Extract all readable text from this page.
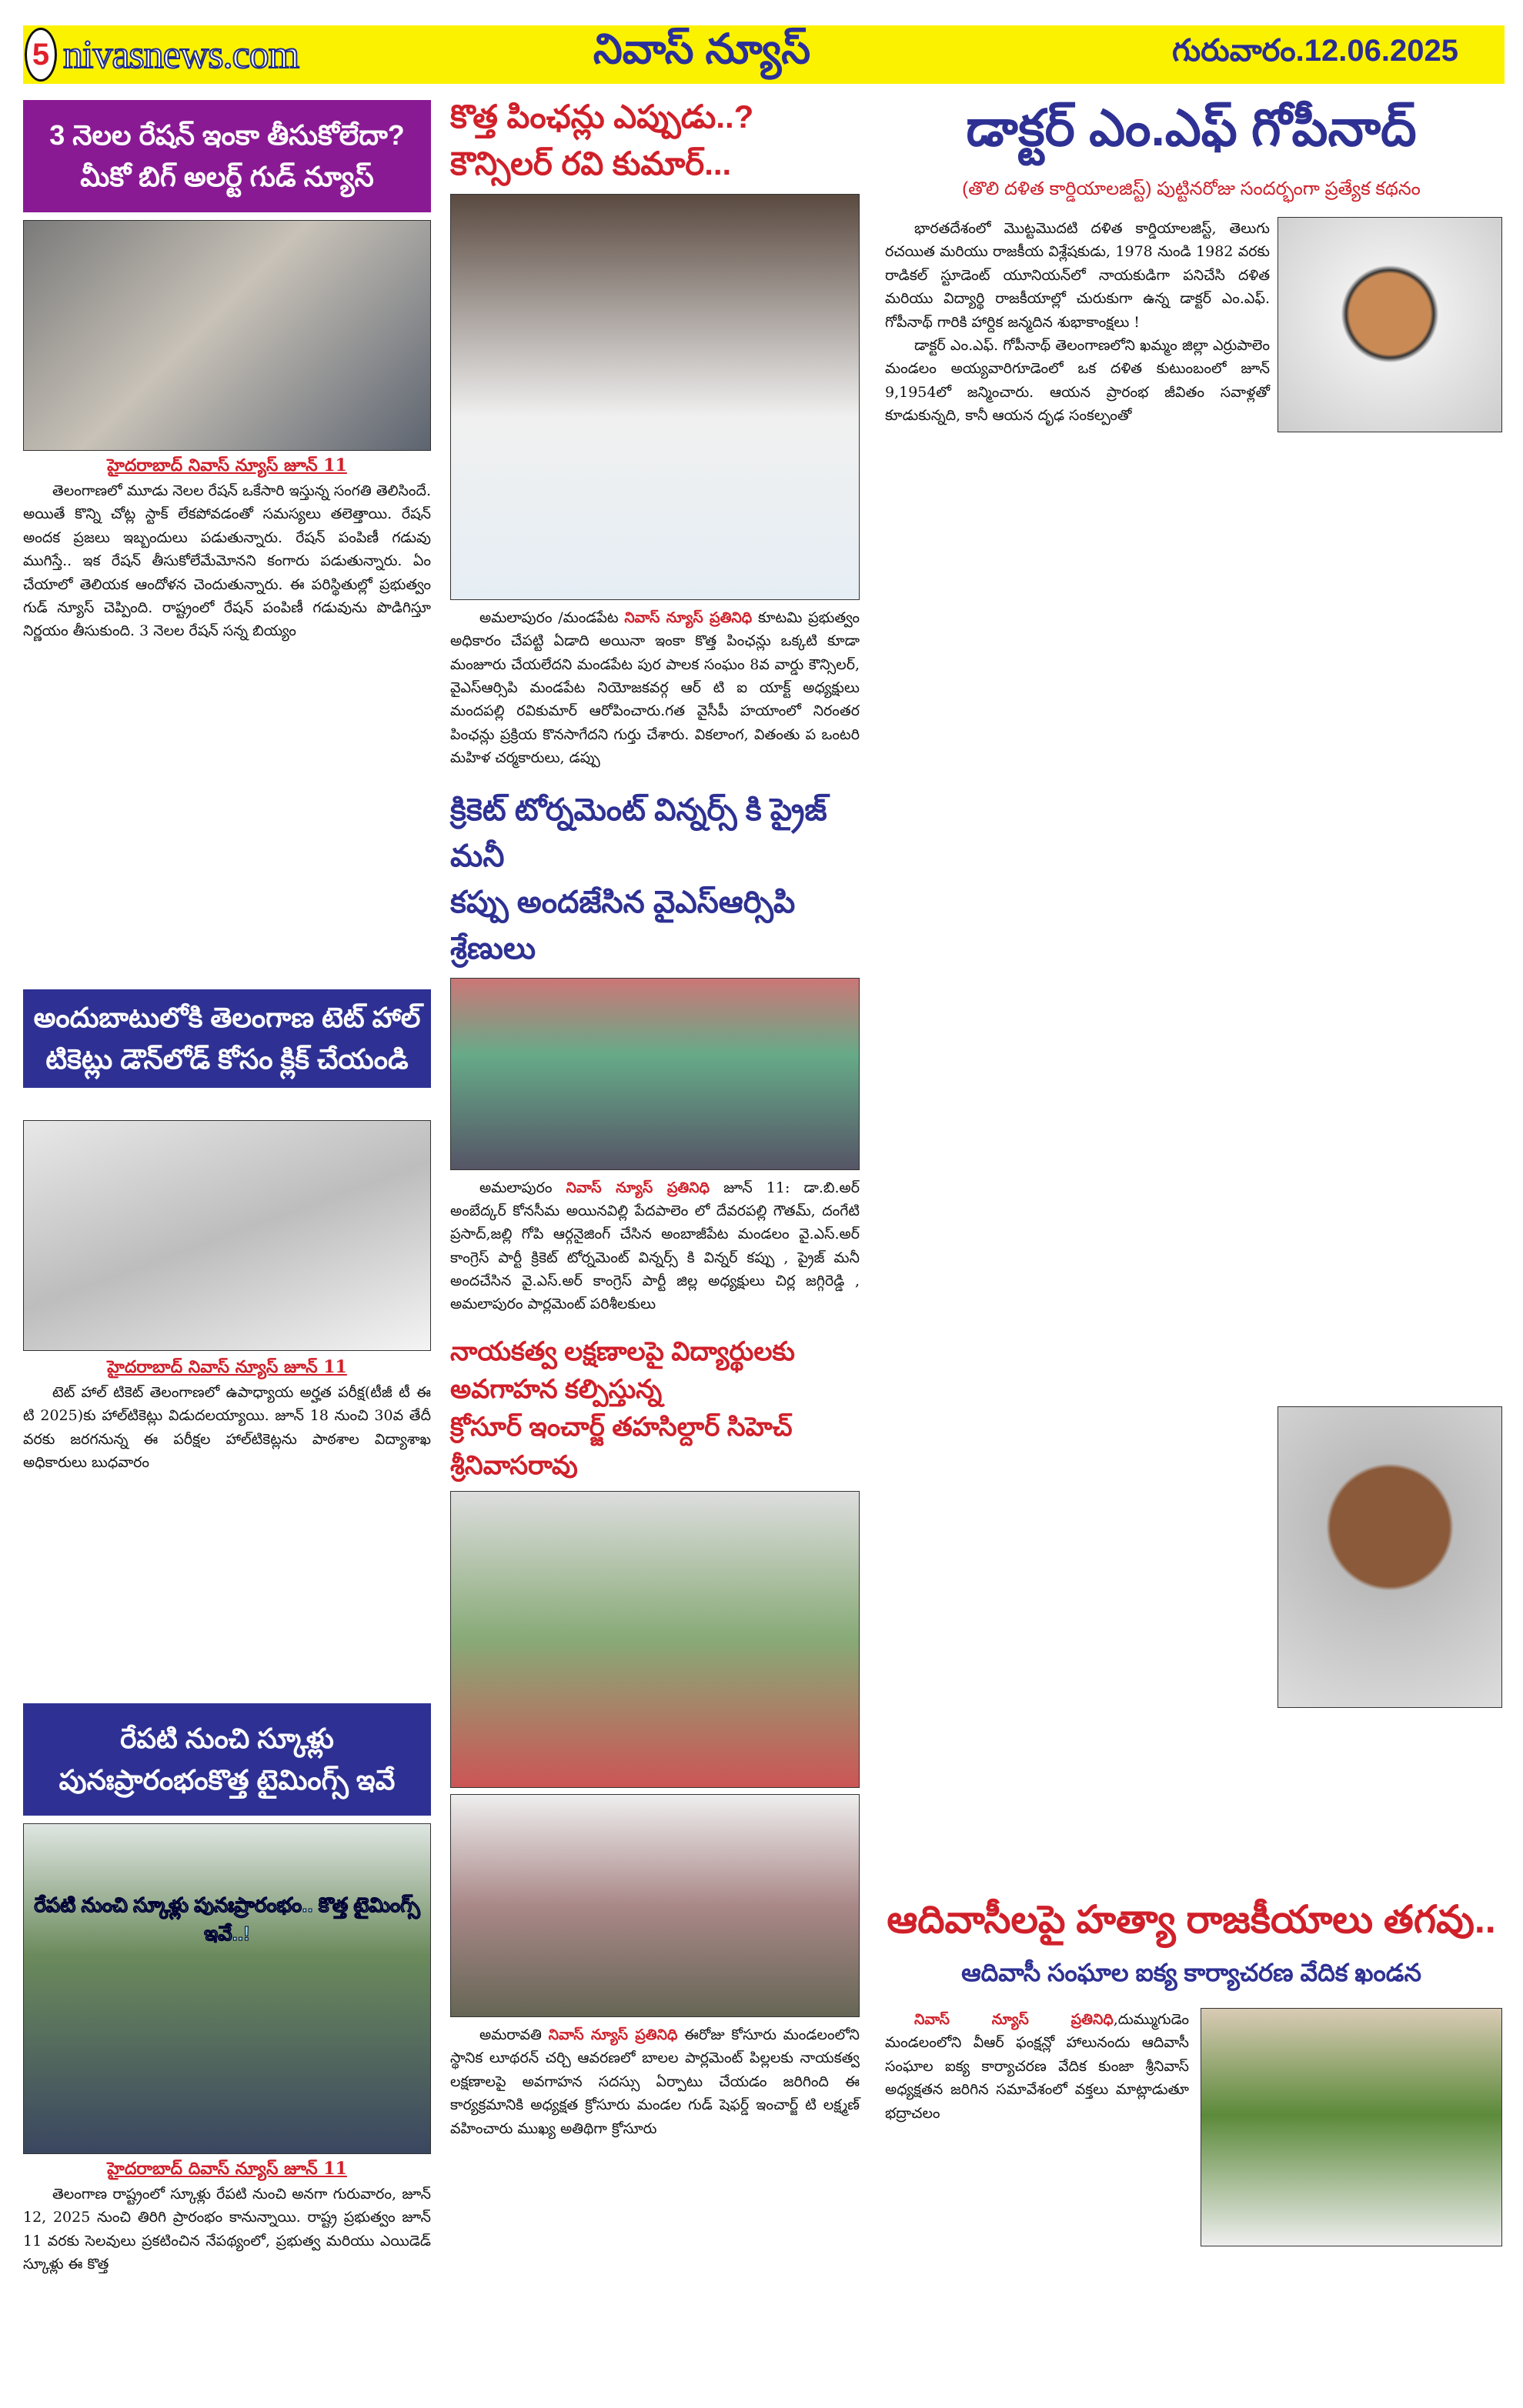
5 nivasnews.com	నివాస్ న్యూస్	గురువారం.12.06.2025
3 నెలల రేషన్ ఇంకా తీసుకోలేదా?
మీకో బిగ్ అలర్ట్ గుడ్ న్యూస్
హైదరాబాద్ నివాస్ న్యూస్ జూన్ 11

తెలంగాణలో మూడు నెలల రేషన్ ఒకేసారి ఇస్తున్న సంగతి తెలిసిందే. అయితే కొన్ని చోట్ల స్టాక్ లేకపోవడంతో సమస్యలు తలెత్తాయి. రేషన్ అందక ప్రజలు ఇబ్బందులు పడుతున్నారు. రేషన్ పంపిణీ గడువు ముగిస్తే.. ఇక రేషన్ తీసుకోలేమేమోనని కంగారు పడుతున్నారు. ఏం చేయాలో తెలియక ఆందోళన చెందుతున్నారు. ఈ పరిస్థితుల్లో ప్రభుత్వం గుడ్ న్యూస్ చెప్పింది. రాష్ట్రంలో రేషన్ పంపిణీ గడువును పొడిగిస్తూ నిర్ణయం తీసుకుంది. 3 నెలల రేషన్ సన్న బియ్యం

అందుబాటులోకి తెలంగాణ టెట్ హాల్
టికెట్లు డౌన్‌లోడ్ కోసం క్లిక్ చేయండి
హైదరాబాద్ నివాస్ న్యూస్ జూన్ 11

టెట్ హాల్ టికెట్ తెలంగాణలో ఉపాధ్యాయ అర్హత పరీక్ష(టీజీ టీ ఈ టి 2025)కు హాల్‌టికెట్లు విడుదలయ్యాయి. జూన్ 18 నుంచి 30వ తేదీ వరకు జరగనున్న ఈ పరీక్షల హాల్‌టికెట్లను పాఠశాల విద్యాశాఖ అధికారులు బుధవారం

రేపటి నుంచి స్కూళ్లు
పునఃప్రారంభంకొత్త టైమింగ్స్ ఇవే
రేపటి నుంచి స్కూళ్లు పునఃప్రారంభం.. కొత్త టైమింగ్స్ ఇవే..!
హైదరాబాద్ దివాస్ న్యూస్ జూన్ 11

తెలంగాణ రాష్ట్రంలో స్కూళ్లు రేపటి నుంచి అనగా గురువారం, జూన్ 12, 2025 నుంచి తిరిగి ప్రారంభం కానున్నాయి. రాష్ట్ర ప్రభుత్వం జూన్ 11 వరకు సెలవులు ప్రకటించిన నేపథ్యంలో, ప్రభుత్వ మరియు ఎయిడెడ్ స్కూళ్లు ఈ కొత్త

కొత్త పింఛన్లు ఎప్పుడు..?
కౌన్సిలర్ రవి కుమార్...

అమలాపురం /మండపేట నివాస్ న్యూస్ ప్రతినిధి కూటమి ప్రభుత్వం అధికారం చేపట్టి ఏడాది అయినా ఇంకా కొత్త పింఛన్లు ఒక్కటి కూడా మంజూరు చేయలేదని మండపేట పుర పాలక సంఘం 8వ వార్డు కౌన్సిలర్, వైఎస్ఆర్సిపి మండపేట నియోజకవర్గ ఆర్ టి ఐ యాక్ట్ అధ్యక్షులు మందపల్లి రవికుమార్ ఆరోపించారు.గత వైసీపీ హయాంలో నిరంతర పింఛన్లు ప్రక్రియ కొనసాగేదని గుర్తు చేశారు. వికలాంగ, వితంతు ప ఒంటరి మహిళ చర్మకారులు, డప్పు

క్రికెట్ టోర్నమెంట్ విన్నర్స్ కి ప్రైజ్ మనీ
కప్పు అందజేసిన వైఎస్ఆర్సిపి శ్రేణులు

అమలాపురం నివాస్ న్యూస్ ప్రతినిధి జూన్ 11: డా.బి.అర్ అంబేద్కర్ కోనసీమ అయినవిల్లి పేదపాలెం లో దేవరపల్లి గౌతమ్, దంగేటి ప్రసాద్,జల్లి గోపి ఆర్గనైజింగ్ చేసిన అంబాజీపేట మండలం వై.ఎస్.అర్ కాంగ్రెస్ పార్టీ క్రికెట్ టోర్నమెంట్ విన్నర్స్ కి విన్నర్ కప్పు , ప్రైజ్ మనీ అందచేసిన వై.ఎస్.అర్ కాంగ్రెస్ పార్టీ జిల్ల అధ్యక్షులు చిర్ల జగ్గిరెడ్డి , అమలాపురం పార్లమెంట్ పరిశీలకులు

నాయకత్వ లక్షణాలపై విద్యార్థులకు అవగాహన కల్పిస్తున్న
క్రోసూర్ ఇంచార్జ్ తహసిల్దార్ సిహెచ్ శ్రీనివాసరావు

అమరావతి నివాస్ న్యూస్ ప్రతినిధి ఈరోజు కోసూరు మండలంలోని స్థానిక లూథరన్ చర్చి ఆవరణలో బాలల పార్లమెంట్ పిల్లలకు నాయకత్వ లక్షణాలపై అవగాహన సదస్సు ఏర్పాటు చేయడం జరిగింది ఈ కార్యక్రమానికి అధ్యక్షత క్రోసూరు మండల గుడ్ షెఫర్డ్ ఇంచార్జ్ టి లక్ష్మణ్ వహించారు ముఖ్య అతిథిగా క్రోసూరు

డాక్టర్ ఎం.ఎఫ్ గోపీనాద్
(తొలి దళిత కార్డియాలజిస్ట్) పుట్టినరోజు సందర్భంగా ప్రత్యేక కథనం

భారతదేశంలో మొట్టమొదటి దళిత కార్డియాలజిస్ట్, తెలుగు రచయిత మరియు రాజకీయ విశ్లేషకుడు, 1978 నుండి 1982 వరకు రాడికల్ స్టూడెంట్ యూనియన్‌లో నాయకుడిగా పనిచేసి దళిత మరియు విద్యార్థి రాజకీయాల్లో చురుకుగా ఉన్న డాక్టర్ ఎం.ఎఫ్. గోపీనాథ్ గారికి హార్దిక జన్మదిన శుభాకాంక్షలు !

డాక్టర్ ఎం.ఎఫ్. గోపీనాథ్ తెలంగాణలోని ఖమ్మం జిల్లా ఎర్రుపాలెం మండలం అయ్యవారిగూడెంలో ఒక దళిత కుటుంబంలో జూన్ 9,1954లో జన్మించారు. ఆయన ప్రారంభ జీవితం సవాళ్లతో కూడుకున్నది, కానీ ఆయన దృఢ సంకల్పంతో

ఆదివాసీలపై హత్యా రాజకీయాలు తగవు..
ఆదివాసీ సంఘాల ఐక్య కార్యాచరణ వేదిక ఖండన

నివాస్ న్యూస్ ప్రతినిధి,దుమ్ముగుడెం మండలంలోని వీఆర్ ఫంక్షన్లో హాలునందు ఆదివాసీ సంఘాల ఐక్య కార్యాచరణ వేదిక కుంజా శ్రీనివాస్ అధ్యక్షతన జరిగిన సమావేశంలో వక్తలు మాట్లాడుతూ భద్రాచలం
